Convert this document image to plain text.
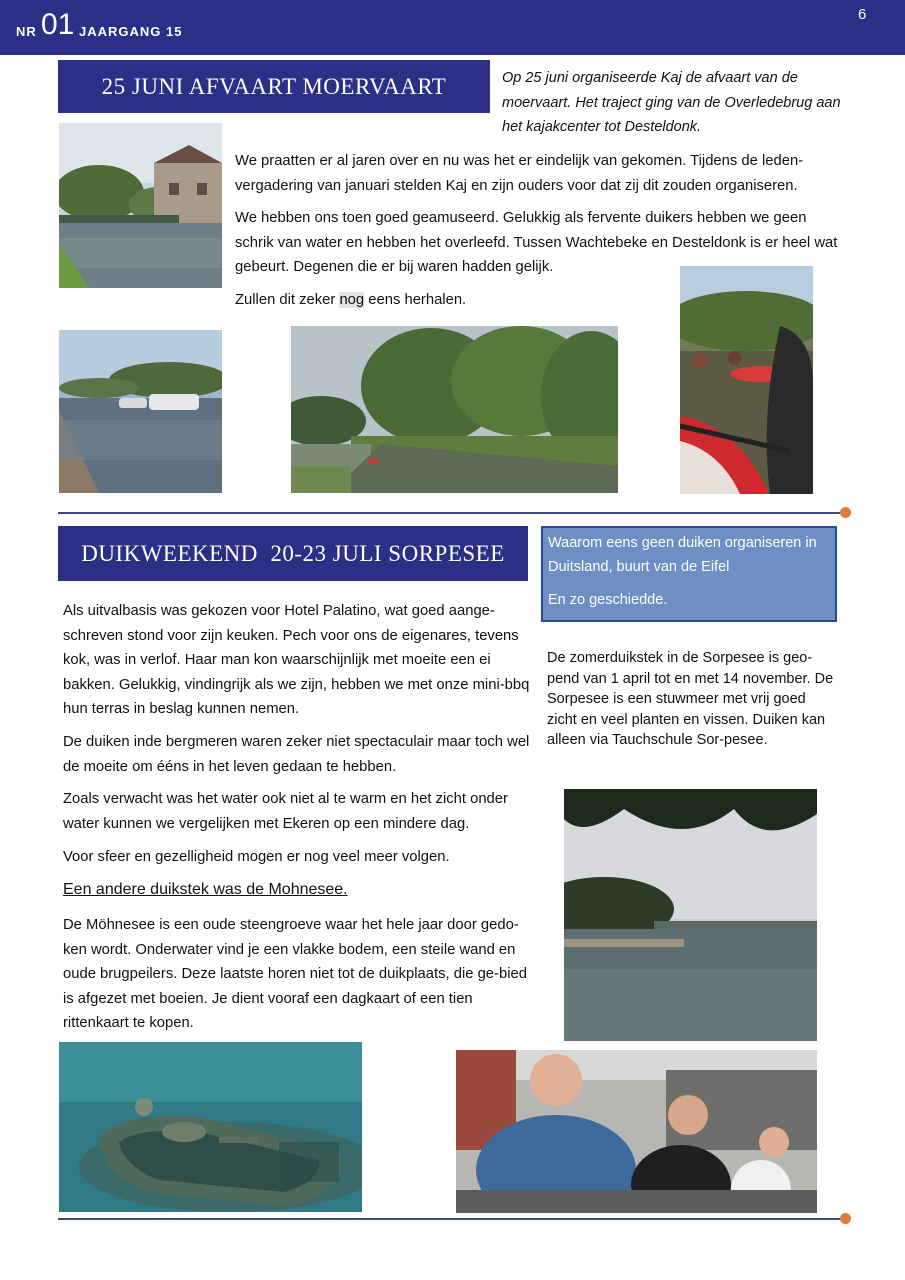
NR 01 JAARGANG 15
6
25 JUNI AFVAART MOERVAART	Op 25 juni organiseerde Kaj de afvaart van de moervaart. Het traject ging van de Overledebrug aan het kajakcenter tot Desteldonk.
We praatten er al jaren over en nu was het er eindelijk van gekomen. Tijdens de leden-vergadering van januari stelden Kaj en zijn ouders voor dat zij dit zouden organiseren.
We hebben ons toen goed geamuseerd. Gelukkig als fervente duikers hebben we geen schrik van water en hebben het overleefd. Tussen Wachtebeke en Desteldonk is er heel wat gebeurt. Degenen die er bij waren hadden gelijk.
Zullen dit zeker nog eens herhalen.
DUIKWEEKEND  20-23 JULI SORPESEE	Waarom eens geen duiken organiseren in Duitsland, buurt van de Eifel

En zo geschiedde.

De zomerduikstek in de Sorpesee is geo-pend van 1 april tot en met 14 november. De Sorpesee is een stuwmeer met vrij goed zicht en veel planten en vissen. Duiken kan alleen via Tauchschule Sor-pesee.
Als uitvalbasis was gekozen voor Hotel Palatino, wat goed aange-schreven stond voor zijn keuken. Pech voor ons de eigenares, tevens kok, was in verlof. Haar man kon waarschijnlijk met moeite een ei bakken. Gelukkig, vindingrijk als we zijn, hebben we met onze mini-bbq hun terras in beslag kunnen nemen.
De duiken inde bergmeren waren zeker niet spectaculair maar toch wel de moeite om ééns in het leven gedaan te hebben.
Zoals verwacht was het water ook niet al te warm en het zicht onder water kunnen we vergelijken met Ekeren op een mindere dag.
Voor sfeer en gezelligheid mogen er nog veel meer volgen.
Een andere duikstek was de Mohnesee.
De Möhnesee is een oude steengroeve waar het hele jaar door gedo-ken wordt. Onderwater vind je een vlakke bodem, een steile wand en oude brugpeilers. Deze laatste horen niet tot de duikplaats, die ge-bied is afgezet met boeien. Je dient vooraf een dagkaart of een tien rittenkaart te kopen.
